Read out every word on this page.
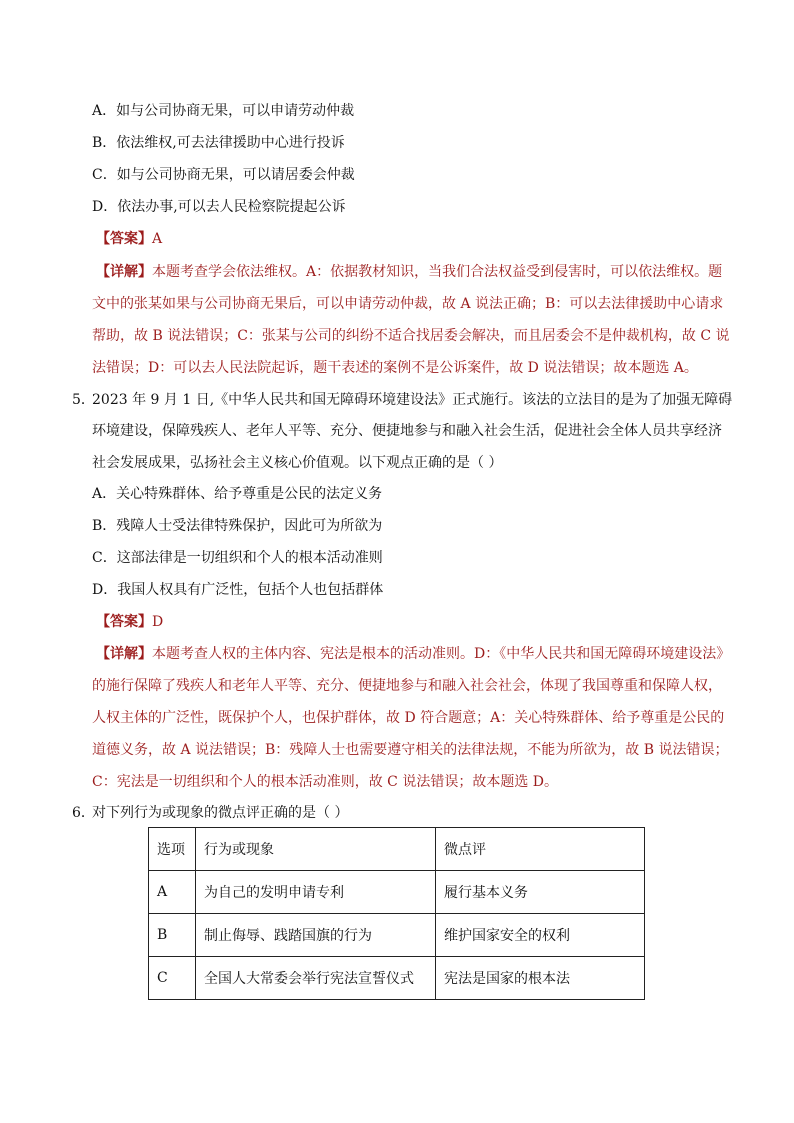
A．如与公司协商无果，可以申请劳动仲裁
B．依法维权,可去法律援助中心进行投诉
C．如与公司协商无果，可以请居委会仲裁
D．依法办事,可以去人民检察院提起公诉
【答案】A
【详解】本题考查学会依法维权。A：依据教材知识，当我们合法权益受到侵害时，可以依法维权。题
文中的张某如果与公司协商无果后，可以申请劳动仲裁，故 A 说法正确；B：可以去法律援助中心请求
帮助，故 B 说法错误；C：张某与公司的纠纷不适合找居委会解决，而且居委会不是仲裁机构，故 C 说
法错误；D：可以去人民法院起诉，题干表述的案例不是公诉案件，故 D 说法错误；故本题选 A。
5．
2023 年 9 月 1 日,《中华人民共和国无障碍环境建设法》正式施行。该法的立法目的是为了加强无障碍
环境建设，保障残疾人、老年人平等、充分、便捷地参与和融入社会生活，促进社会全体人员共享经济
社会发展成果，弘扬社会主义核心价值观。以下观点正确的是（ ）
A．关心特殊群体、给予尊重是公民的法定义务
B．残障人士受法律特殊保护，因此可为所欲为
C．这部法律是一切组织和个人的根本活动准则
D．我国人权具有广泛性，包括个人也包括群体
【答案】D
【详解】本题考查人权的主体内容、宪法是根本的活动准则。D：《中华人民共和国无障碍环境建设法》
的施行保障了残疾人和老年人平等、充分、便捷地参与和融入社会社会，体现了我国尊重和保障人权，
人权主体的广泛性，既保护个人，也保护群体，故 D 符合题意；A：关心特殊群体、给予尊重是公民的
道德义务，故 A 说法错误；B：残障人士也需要遵守相关的法律法规，不能为所欲为，故 B 说法错误；
C：宪法是一切组织和个人的根本活动准则，故 C 说法错误；故本题选 D。
6．
对下列行为或现象的微点评正确的是（ ）
选项	行为或现象	微点评
A	为自己的发明申请专利	履行基本义务
B	制止侮辱、践踏国旗的行为	维护国家安全的权利
C	全国人大常委会举行宪法宣誓仪式	宪法是国家的根本法
